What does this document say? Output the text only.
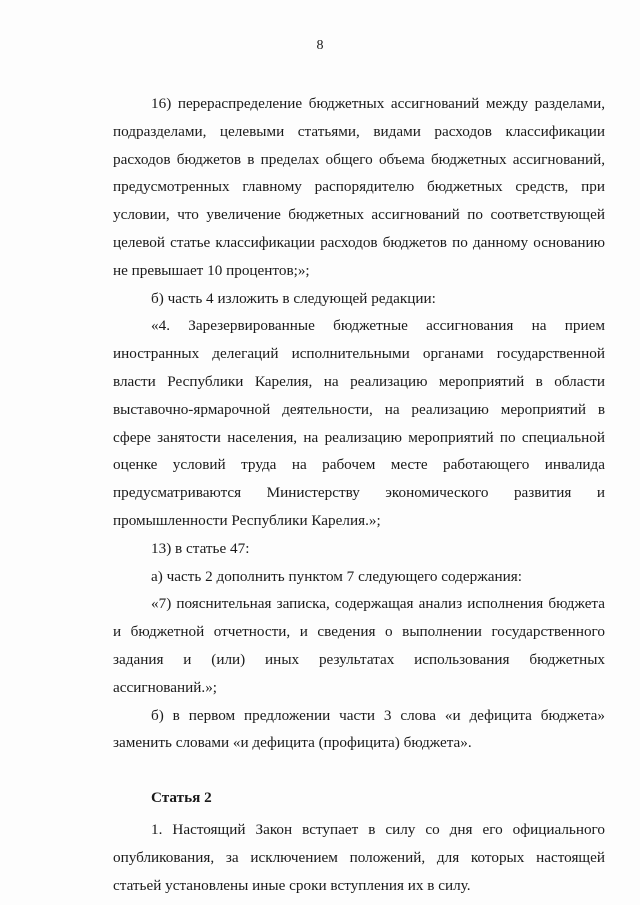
8

16) перераспределение бюджетных ассигнований между разделами, подразделами, целевыми статьями, видами расходов классификации расходов бюджетов в пределах общего объема бюджетных ассигнований, предусмотренных главному распорядителю бюджетных средств, при условии, что увеличение бюджетных ассигнований по соответствующей целевой статье классификации расходов бюджетов по данному основанию не превышает 10 процентов;»;

б) часть 4 изложить в следующей редакции:

«4. Зарезервированные бюджетные ассигнования на прием иностранных делегаций исполнительными органами государственной власти Республики Карелия, на реализацию мероприятий в области выставочно-ярмарочной деятельности, на реализацию мероприятий в сфере занятости населения, на реализацию мероприятий по специальной оценке условий труда на рабочем месте работающего инвалида предусматриваются Министерству экономического развития и промышленности Республики Карелия.»;

13) в статье 47:

а) часть 2 дополнить пунктом 7 следующего содержания:

«7) пояснительная записка, содержащая анализ исполнения бюджета и бюджетной отчетности, и сведения о выполнении государственного задания и (или) иных результатах использования бюджетных ассигнований.»;

б) в первом предложении части 3 слова «и дефицита бюджета» заменить словами «и дефицита (профицита) бюджета».

Статья 2

1. Настоящий Закон вступает в силу со дня его официального опубликования, за исключением положений, для которых настоящей статьей установлены иные сроки вступления их в силу.
